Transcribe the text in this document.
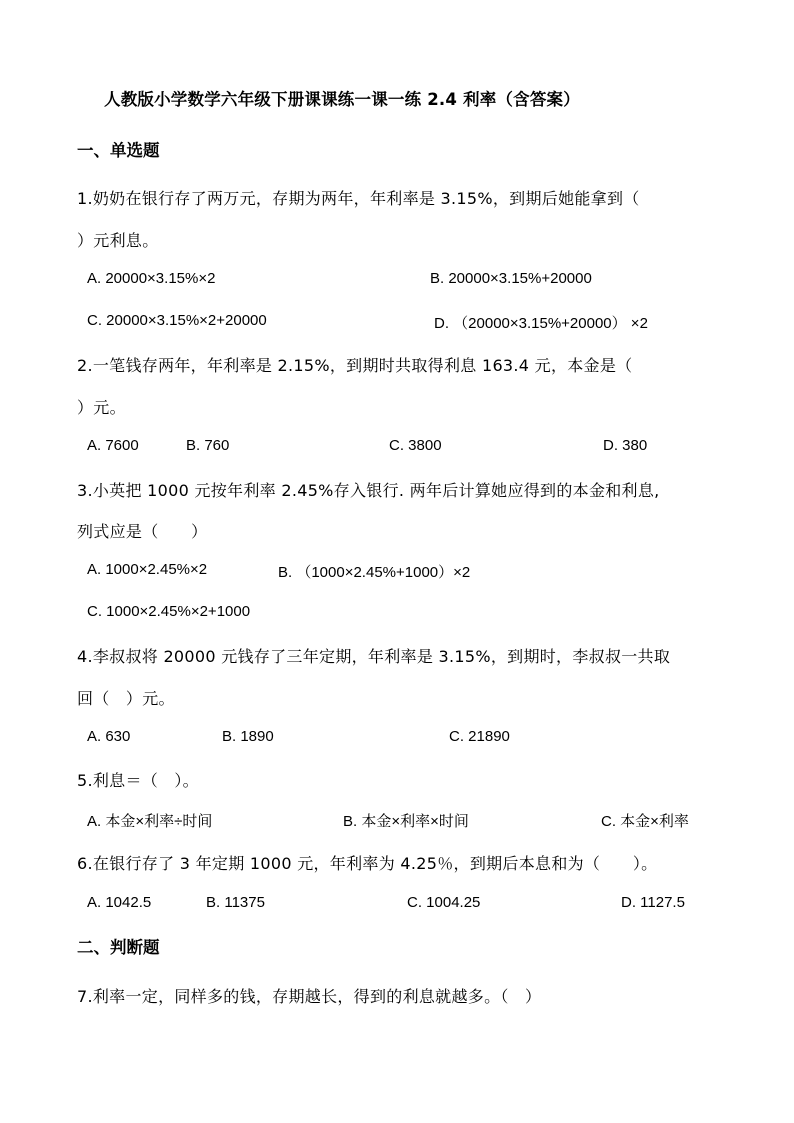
人教版小学数学六年级下册课课练一课一练 2.4 利率（含答案）
一、单选题
1.奶奶在银行存了两万元，存期为两年，年利率是 3.15%，到期后她能拿到（
）元利息。
A. 20000×3.15%×2	B. 20000×3.15%+20000
C. 20000×3.15%×2+20000	D. （20000×3.15%+20000） ×2
2.一笔钱存两年，年利率是 2.15%，到期时共取得利息 163.4 元，本金是（
）元。
A. 7600	B. 760	C. 3800	D. 380
3.小英把 1000 元按年利率 2.45%存入银行. 两年后计算她应得到的本金和利息,
列式应是（　　）
A. 1000×2.45%×2	B. （1000×2.45%+1000）×2
C. 1000×2.45%×2+1000
4.李叔叔将 20000 元钱存了三年定期，年利率是 3.15%，到期时，李叔叔一共取
回（　）元。
A. 630	B. 1890	C. 21890
5.利息＝（　）。
A. 本金×利率÷时间	B. 本金×利率×时间	C. 本金×利率
6.在银行存了 3 年定期 1000 元，年利率为 4.25％，到期后本息和为（　　）。
A. 1042.5	B. 11375	C. 1004.25	D. 1127.5
二、判断题
7.利率一定，同样多的钱，存期越长，得到的利息就越多。（　）
